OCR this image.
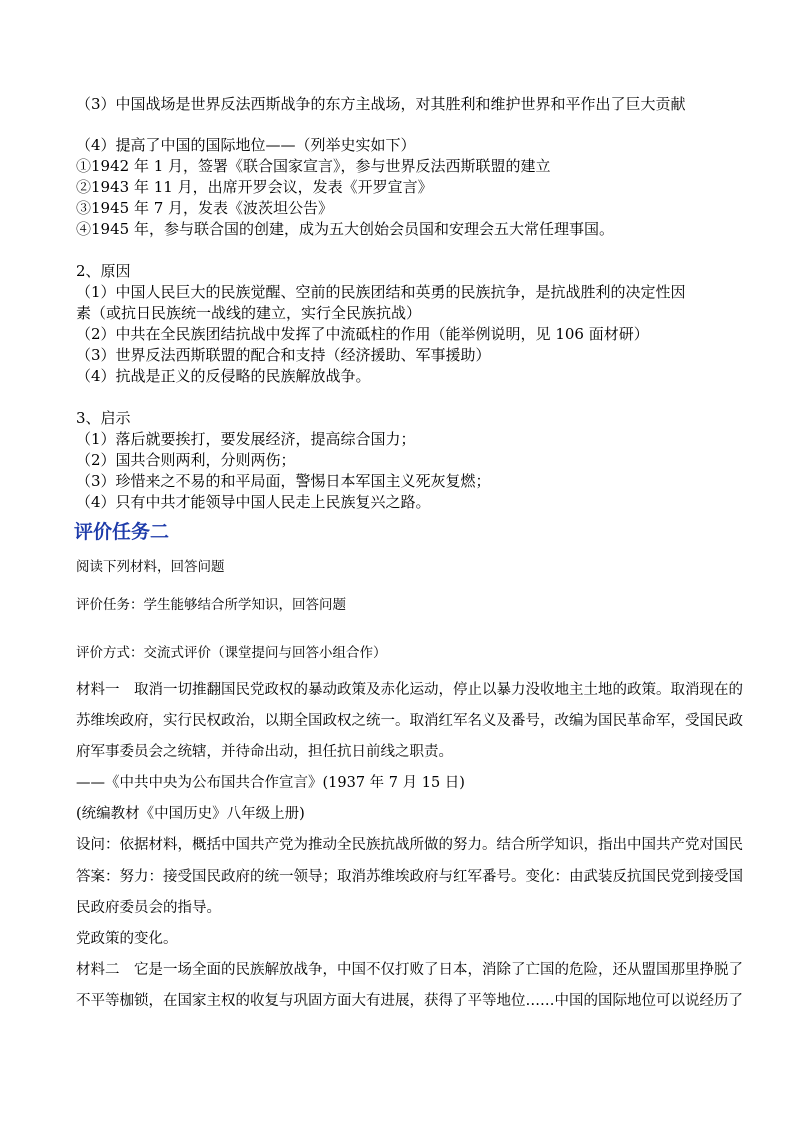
（3）中国战场是世界反法西斯战争的东方主战场，对其胜利和维护世界和平作出了巨大贡献
（4）提高了中国的国际地位——（列举史实如下）
①1942 年 1 月，签署《联合国家宣言》，参与世界反法西斯联盟的建立
②1943 年 11 月，出席开罗会议，发表《开罗宣言》
③1945 年 7 月，发表《波茨坦公告》
④1945 年，参与联合国的创建，成为五大创始会员国和安理会五大常任理事国。
2、原因
（1）中国人民巨大的民族觉醒、空前的民族团结和英勇的民族抗争，是抗战胜利的决定性因
素（或抗日民族统一战线的建立，实行全民族抗战）
（2）中共在全民族团结抗战中发挥了中流砥柱的作用（能举例说明，见 106 面材研）
（3）世界反法西斯联盟的配合和支持（经济援助、军事援助）
（4）抗战是正义的反侵略的民族解放战争。
3、启示
（1）落后就要挨打，要发展经济，提高综合国力；
（2）国共合则两利，分则两伤；
（3）珍惜来之不易的和平局面，警惕日本军国主义死灰复燃；
（4）只有中共才能领导中国人民走上民族复兴之路。
评价任务二
阅读下列材料，回答问题
评价任务：学生能够结合所学知识，回答问题
评价方式：交流式评价（课堂提问与回答小组合作）
材料一　取消一切推翻国民党政权的暴动政策及赤化运动，停止以暴力没收地主土地的政策。取消现在的
苏维埃政府，实行民权政治，以期全国政权之统一。取消红军名义及番号，改编为国民革命军，受国民政
府军事委员会之统辖，并待命出动，担任抗日前线之职责。
——《中共中央为公布国共合作宣言》(1937 年 7 月 15 日)
(统编教材《中国历史》八年级上册)
设问：依据材料，概括中国共产党为推动全民族抗战所做的努力。结合所学知识，指出中国共产党对国民
答案：努力：接受国民政府的统一领导；取消苏维埃政府与红军番号。变化：由武装反抗国民党到接受国
民政府委员会的指导。
党政策的变化。
材料二　它是一场全面的民族解放战争，中国不仅打败了日本，消除了亡国的危险，还从盟国那里挣脱了
不平等枷锁，在国家主权的收复与巩固方面大有进展，获得了平等地位……中国的国际地位可以说经历了
